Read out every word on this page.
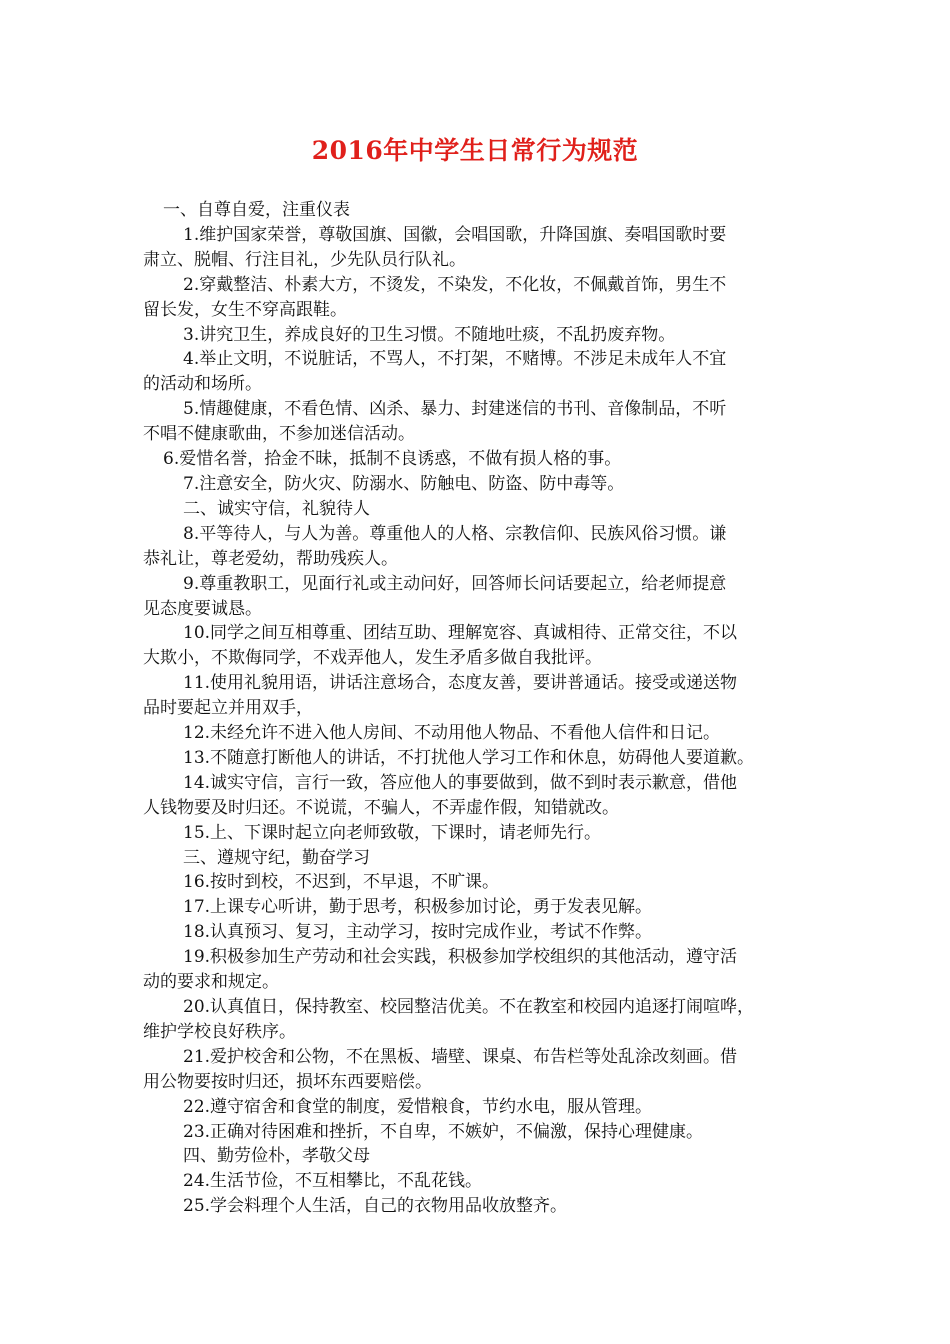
2016年中学生日常行为规范

一、自尊自爱，注重仪表

1.维护国家荣誉，尊敬国旗、国徽，会唱国歌，升降国旗、奏唱国歌时要

肃立、脱帽、行注目礼，少先队员行队礼。

2.穿戴整洁、朴素大方，不烫发，不染发，不化妆，不佩戴首饰，男生不

留长发，女生不穿高跟鞋。

3.讲究卫生，养成良好的卫生习惯。不随地吐痰，不乱扔废弃物。

4.举止文明，不说脏话，不骂人，不打架，不赌博。不涉足未成年人不宜

的活动和场所。

5.情趣健康，不看色情、凶杀、暴力、封建迷信的书刊、音像制品，不听

不唱不健康歌曲，不参加迷信活动。

6.爱惜名誉，拾金不昧，抵制不良诱惑，不做有损人格的事。

7.注意安全，防火灾、防溺水、防触电、防盗、防中毒等。

二、诚实守信，礼貌待人

8.平等待人，与人为善。尊重他人的人格、宗教信仰、民族风俗习惯。谦

恭礼让，尊老爱幼，帮助残疾人。

9.尊重教职工，见面行礼或主动问好，回答师长问话要起立，给老师提意

见态度要诚恳。

10.同学之间互相尊重、团结互助、理解宽容、真诚相待、正常交往，不以

大欺小，不欺侮同学，不戏弄他人，发生矛盾多做自我批评。

11.使用礼貌用语，讲话注意场合，态度友善，要讲普通话。接受或递送物

品时要起立并用双手，

12.未经允许不进入他人房间、不动用他人物品、不看他人信件和日记。

13.不随意打断他人的讲话，不打扰他人学习工作和休息，妨碍他人要道歉。

14.诚实守信，言行一致，答应他人的事要做到，做不到时表示歉意，借他

人钱物要及时归还。不说谎，不骗人，不弄虚作假，知错就改。

15.上、下课时起立向老师致敬，下课时，请老师先行。

三、遵规守纪，勤奋学习

16.按时到校，不迟到，不早退，不旷课。

17.上课专心听讲，勤于思考，积极参加讨论，勇于发表见解。

18.认真预习、复习，主动学习，按时完成作业，考试不作弊。

19.积极参加生产劳动和社会实践，积极参加学校组织的其他活动，遵守活

动的要求和规定。

20.认真值日，保持教室、校园整洁优美。不在教室和校园内追逐打闹喧哗，

维护学校良好秩序。

21.爱护校舍和公物，不在黑板、墙壁、课桌、布告栏等处乱涂改刻画。借

用公物要按时归还，损坏东西要赔偿。

22.遵守宿舍和食堂的制度，爱惜粮食，节约水电，服从管理。

23.正确对待困难和挫折，不自卑，不嫉妒，不偏激，保持心理健康。

四、勤劳俭朴，孝敬父母

24.生活节俭，不互相攀比，不乱花钱。

25.学会料理个人生活，自己的衣物用品收放整齐。
